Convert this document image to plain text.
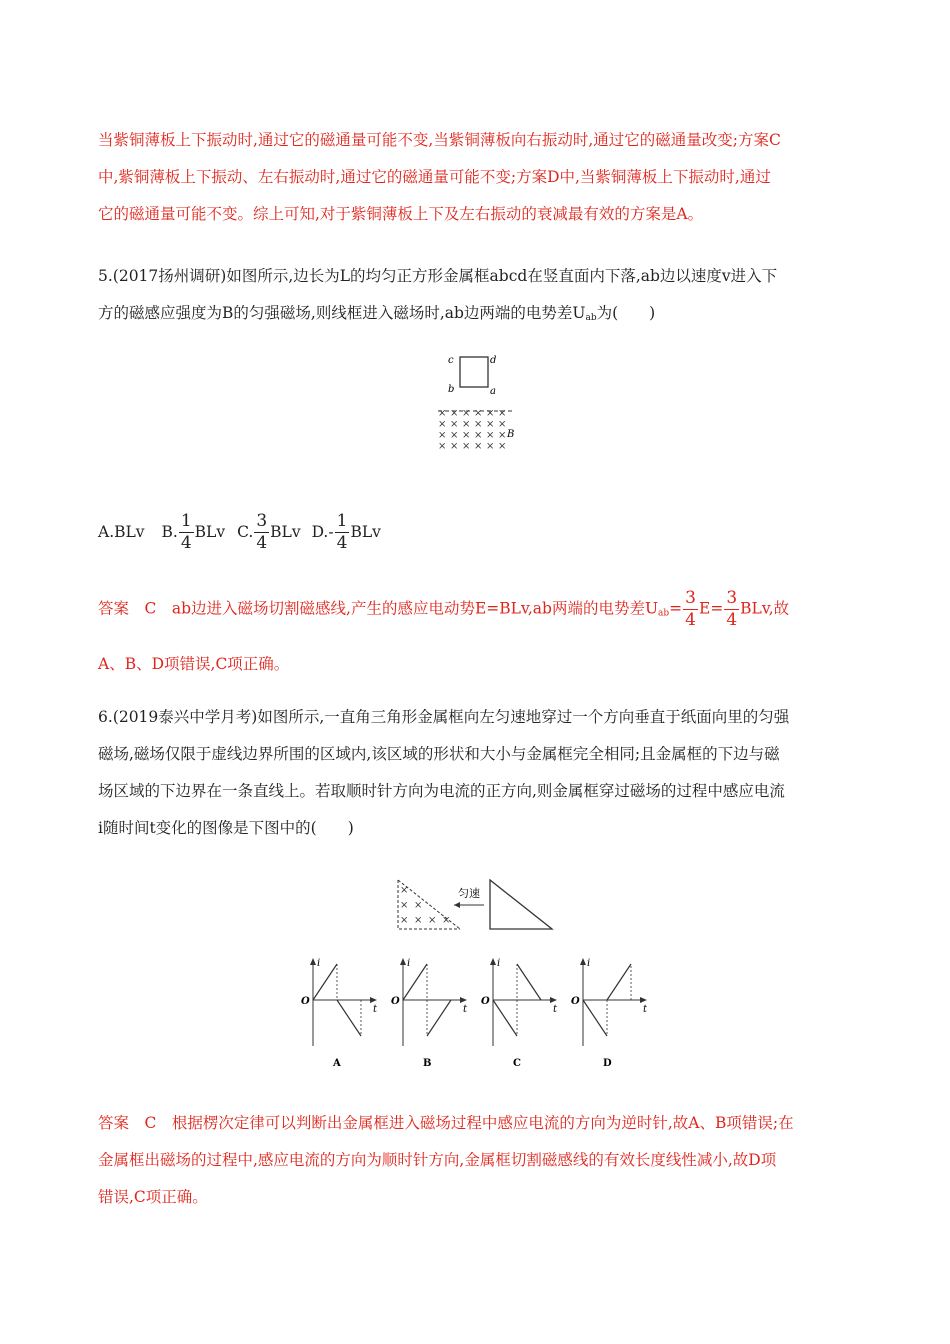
当紫铜薄板上下振动时,通过它的磁通量可能不变,当紫铜薄板向右振动时,通过它的磁通量改变;方案C
中,紫铜薄板上下振动、左右振动时,通过它的磁通量可能不变;方案D中,当紫铜薄板上下振动时,通过
它的磁通量可能不变。综上可知,对于紫铜薄板上下及左右振动的衰减最有效的方案是A。
5.(2017扬州调研)如图所示,边长为L的均匀正方形金属框abcd在竖直面内下落,ab边以速度v进入下
方的磁感应强度为B的匀强磁场,则线框进入磁场时,ab边两端的电势差$U_{ab}$为(　　)
c	d
b	a
× × × × × ×
× × × × × ×
× × × × × ×
× × × × × ×
B
A.BLv B. $\frac{1}{4}$ BLv C. $\frac{3}{4}$ BLv $D.- \frac{1}{4}$ BLv
答案　C　ab边进入磁场切割磁感线,产生的感应电动势E=BLv,ab两端的电势差$U_{ab}= \frac{3}{4} E= \frac{3}{4}$ BLv,故
A、B、D项错误,C项正确。
6.(2019泰兴中学月考)如图所示,一直角三角形金属框向左匀速地穿过一个方向垂直于纸面向里的匀强
磁场,磁场仅限于虚线边界所围的区域内,该区域的形状和大小与金属框完全相同;且金属框的下边与磁
场区域的下边界在一条直线上。若取顺时针方向为电流的正方向,则金属框穿过磁场的过程中感应电流
i随时间t变化的图像是下图中的(　　)
×
× ×
× × × ×
匀速
i
t
O
A
i
t
O
B
i
t
O
C
i
t
O
D
答案　C　根据楞次定律可以判断出金属框进入磁场过程中感应电流的方向为逆时针,故A、B项错误;在
金属框出磁场的过程中,感应电流的方向为顺时针方向,金属框切割磁感线的有效长度线性减小,故D项
错误,C项正确。
